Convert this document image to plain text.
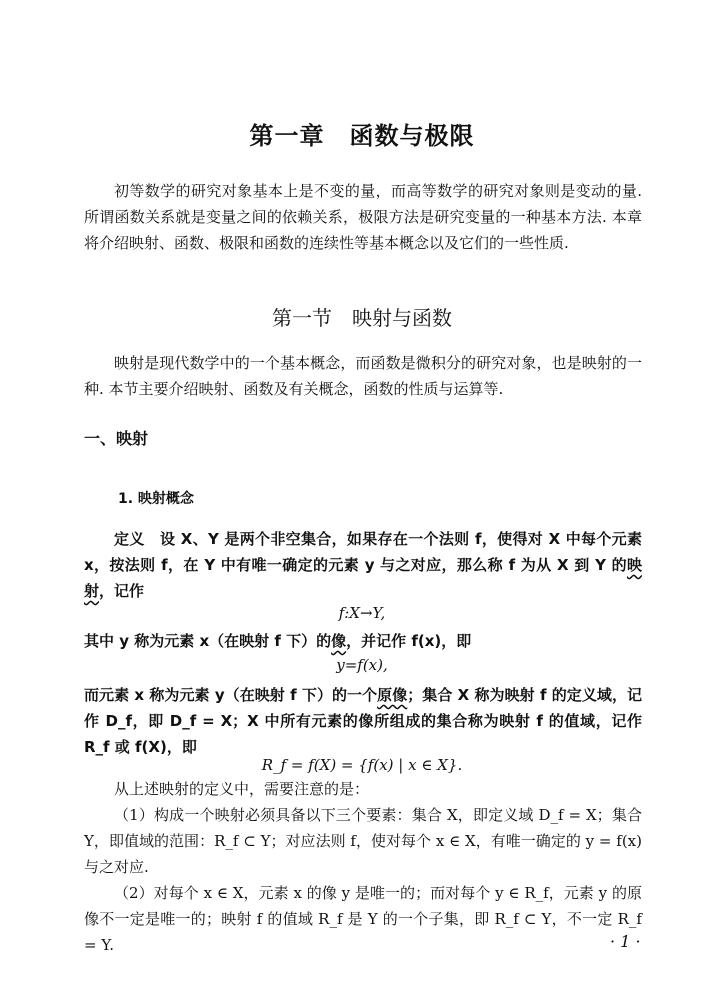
第一章　函数与极限

初等数学的研究对象基本上是不变的量，而高等数学的研究对象则是变动的量. 所谓函数关系就是变量之间的依赖关系，极限方法是研究变量的一种基本方法. 本章将介绍映射、函数、极限和函数的连续性等基本概念以及它们的一些性质.

第一节　映射与函数

映射是现代数学中的一个基本概念，而函数是微积分的研究对象，也是映射的一种. 本节主要介绍映射、函数及有关概念，函数的性质与运算等.

一、映射

1. 映射概念

定义　设 X、Y 是两个非空集合，如果存在一个法则 f，使得对 X 中每个元素 x，按法则 f，在 Y 中有唯一确定的元素 y 与之对应，那么称 f 为从 X 到 Y 的映射，记作

f:X→Y,

其中 y 称为元素 x（在映射 f 下）的像，并记作 f(x)，即

y=f(x),

而元素 x 称为元素 y（在映射 f 下）的一个原像；集合 X 称为映射 f 的定义域，记作 D_f，即 D_f = X；X 中所有元素的像所组成的集合称为映射 f 的值域，记作 R_f 或 f(X)，即

R_f = f(X) = {f(x) | x ∈ X}.

从上述映射的定义中，需要注意的是：

（1）构成一个映射必须具备以下三个要素：集合 X，即定义域 D_f = X；集合 Y，即值域的范围：R_f ⊂ Y；对应法则 f，使对每个 x ∈ X，有唯一确定的 y = f(x) 与之对应.

（2）对每个 x ∈ X，元素 x 的像 y 是唯一的；而对每个 y ∈ R_f，元素 y 的原像不一定是唯一的；映射 f 的值域 R_f 是 Y 的一个子集，即 R_f ⊂ Y，不一定 R_f = Y.	· 1 ·
